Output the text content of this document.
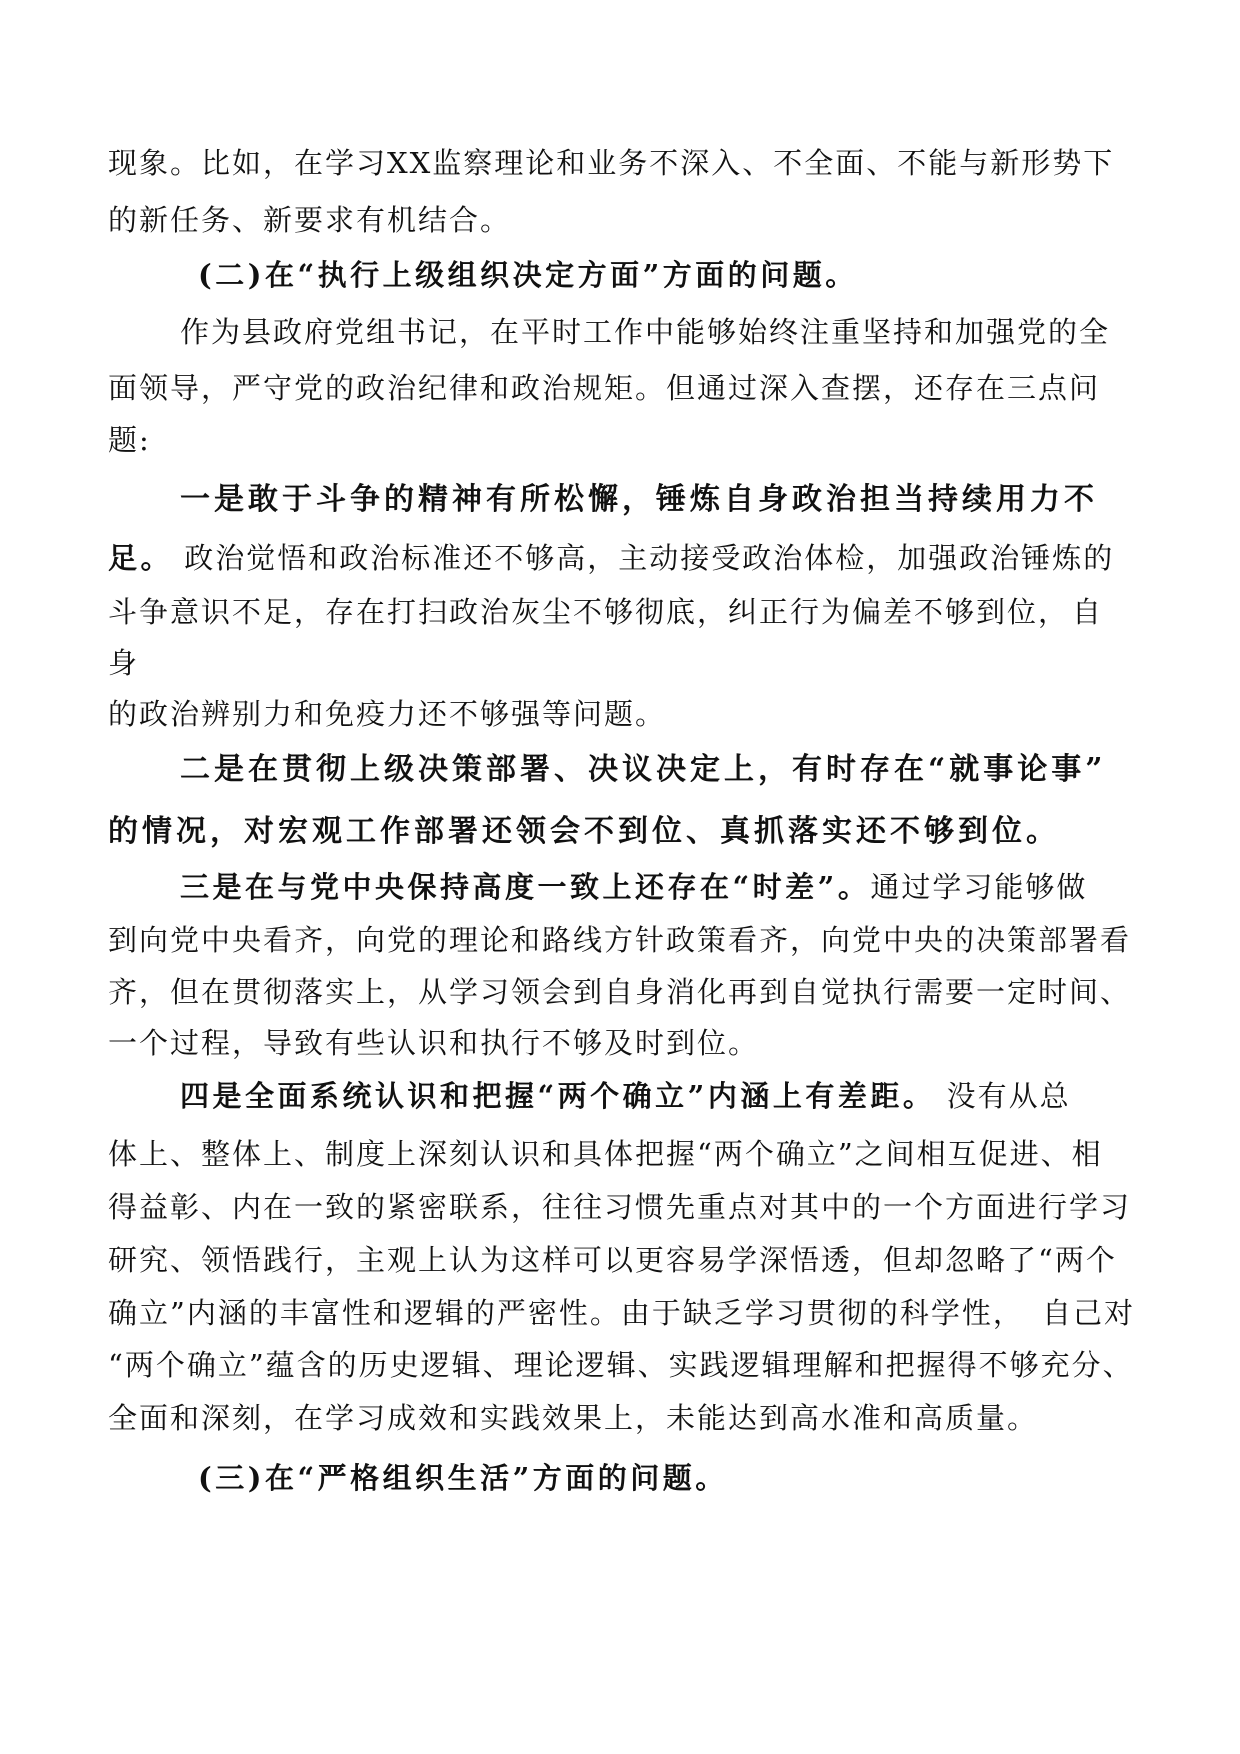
现象。比如，在学习XX监察理论和业务不深入、不全面、不能与新形势下
的新任务、新要求有机结合。
(二)在“执行上级组织决定方面”方面的问题。
作为县政府党组书记，在平时工作中能够始终注重坚持和加强党的全
面领导，严守党的政治纪律和政治规矩。但通过深入查摆，还存在三点问
题:
一是敢于斗争的精神有所松懈，锤炼自身政治担当持续用力不
足。 政治觉悟和政治标准还不够高，主动接受政治体检，加强政治锤炼的
斗争意识不足，存在打扫政治灰尘不够彻底，纠正行为偏差不够到位， 自
身
的政治辨别力和免疫力还不够强等问题。
二是在贯彻上级决策部署、决议决定上，有时存在“就事论事”
的情况，对宏观工作部署还领会不到位、真抓落实还不够到位。
三是在与党中央保持高度一致上还存在“时差”。通过学习能够做
到向党中央看齐，向党的理论和路线方针政策看齐，向党中央的决策部署看
齐，但在贯彻落实上，从学习领会到自身消化再到自觉执行需要一定时间、
一个过程，导致有些认识和执行不够及时到位。
四是全面系统认识和把握“两个确立”内涵上有差距。 没有从总
体上、整体上、制度上深刻认识和具体把握“两个确立”之间相互促进、相
得益彰、内在一致的紧密联系，往往习惯先重点对其中的一个方面进行学习
研究、领悟践行，主观上认为这样可以更容易学深悟透，但却忽略了“两个
确立”内涵的丰富性和逻辑的严密性。由于缺乏学习贯彻的科学性， 自己对
“两个确立”蕴含的历史逻辑、理论逻辑、实践逻辑理解和把握得不够充分、
全面和深刻，在学习成效和实践效果上，未能达到高水准和高质量。
(三)在“严格组织生活”方面的问题。
